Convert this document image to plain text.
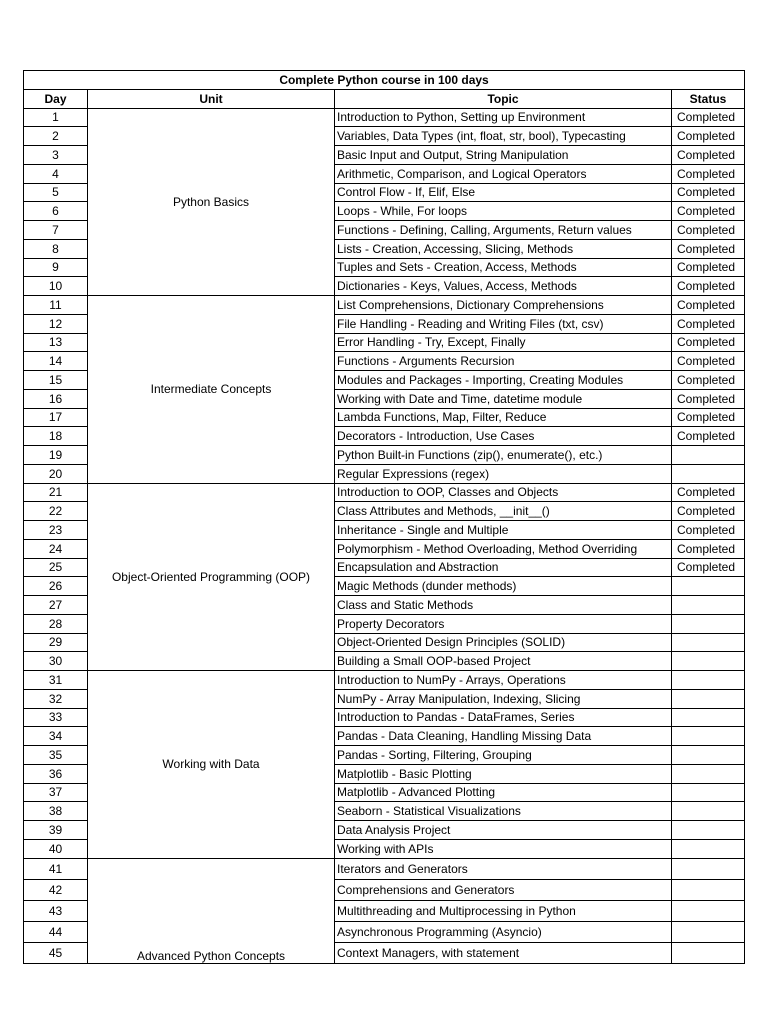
Complete Python course in 100 days			
Day	Unit	Topic	Status
1	Python Basics	Introduction to Python, Setting up Environment	Completed
2		Variables, Data Types (int, float, str, bool), Typecasting	Completed
3		Basic Input and Output, String Manipulation	Completed
4		Arithmetic, Comparison, and Logical Operators	Completed
5		Control Flow - If, Elif, Else	Completed
6		Loops - While, For loops	Completed
7		Functions - Defining, Calling, Arguments, Return values	Completed
8		Lists - Creation, Accessing, Slicing, Methods	Completed
9		Tuples and Sets - Creation, Access, Methods	Completed
10		Dictionaries - Keys, Values, Access, Methods	Completed
11	Intermediate Concepts	List Comprehensions, Dictionary Comprehensions	Completed
12		File Handling - Reading and Writing Files (txt, csv)	Completed
13		Error Handling - Try, Except, Finally	Completed
14		Functions - Arguments Recursion	Completed
15		Modules and Packages - Importing, Creating Modules	Completed
16		Working with Date and Time, datetime module	Completed
17		Lambda Functions, Map, Filter, Reduce	Completed
18		Decorators - Introduction, Use Cases	Completed
19		Python Built-in Functions (zip(), enumerate(), etc.)	
20		Regular Expressions (regex)	
21	Object-Oriented Programming (OOP)	Introduction to OOP, Classes and Objects	Completed
22		Class Attributes and Methods, __init__()	Completed
23		Inheritance - Single and Multiple	Completed
24		Polymorphism - Method Overloading, Method Overriding	Completed
25		Encapsulation and Abstraction	Completed
26		Magic Methods (dunder methods)	
27		Class and Static Methods	
28		Property Decorators	
29		Object-Oriented Design Principles (SOLID)	
30		Building a Small OOP-based Project	
31	Working with Data	Introduction to NumPy - Arrays, Operations	
32		NumPy - Array Manipulation, Indexing, Slicing	
33		Introduction to Pandas - DataFrames, Series	
34		Pandas - Data Cleaning, Handling Missing Data	
35		Pandas - Sorting, Filtering, Grouping	
36		Matplotlib - Basic Plotting	
37		Matplotlib - Advanced Plotting	
38		Seaborn - Statistical Visualizations	
39		Data Analysis Project	
40		Working with APIs	
41	Advanced Python Concepts	Iterators and Generators	
42		Comprehensions and Generators	
43		Multithreading and Multiprocessing in Python	
44		Asynchronous Programming (Asyncio)	
45		Context Managers, with statement	
